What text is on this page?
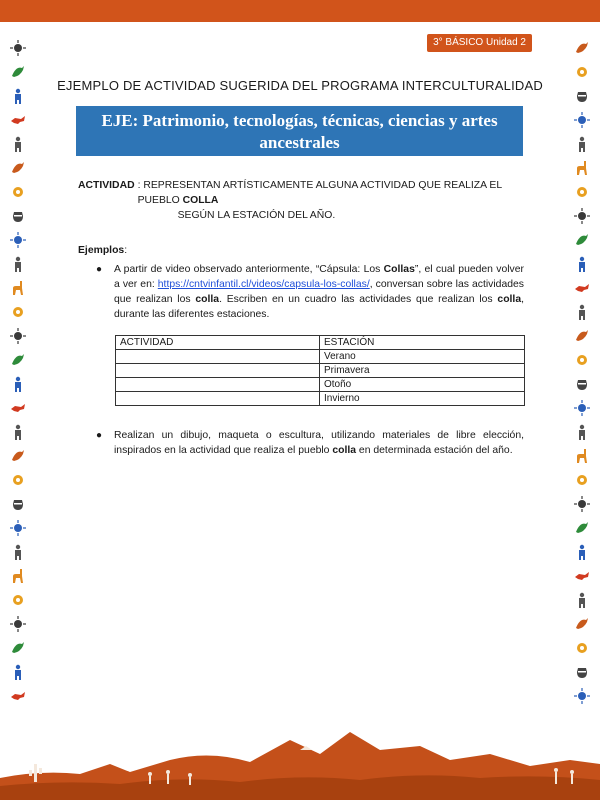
3° BÁSICO Unidad 2
EJEMPLO DE ACTIVIDAD SUGERIDA DEL PROGRAMA INTERCULTURALIDAD
EJE: Patrimonio, tecnologías, técnicas, ciencias y artes ancestrales
ACTIVIDAD : REPRESENTAN ARTÍSTICAMENTE ALGUNA ACTIVIDAD QUE REALIZA EL PUEBLO COLLA
SEGÚN LA ESTACIÓN DEL AÑO.
Ejemplos:
● A partir de video observado anteriormente, “Cápsula: Los Collas”, el cual pueden volver a ver en: https://cntvinfantil.cl/videos/capsula-los-collas/, conversan sobre las actividades que realizan los colla. Escriben en un cuadro las actividades que realizan los colla, durante las diferentes estaciones.
ACTIVIDAD	ESTACIÓN
	Verano
	Primavera
	Otoño
	Invierno
● Realizan un dibujo, maqueta o escultura, utilizando materiales de libre elección, inspirados en la actividad que realiza el pueblo colla en determinada estación del año.
